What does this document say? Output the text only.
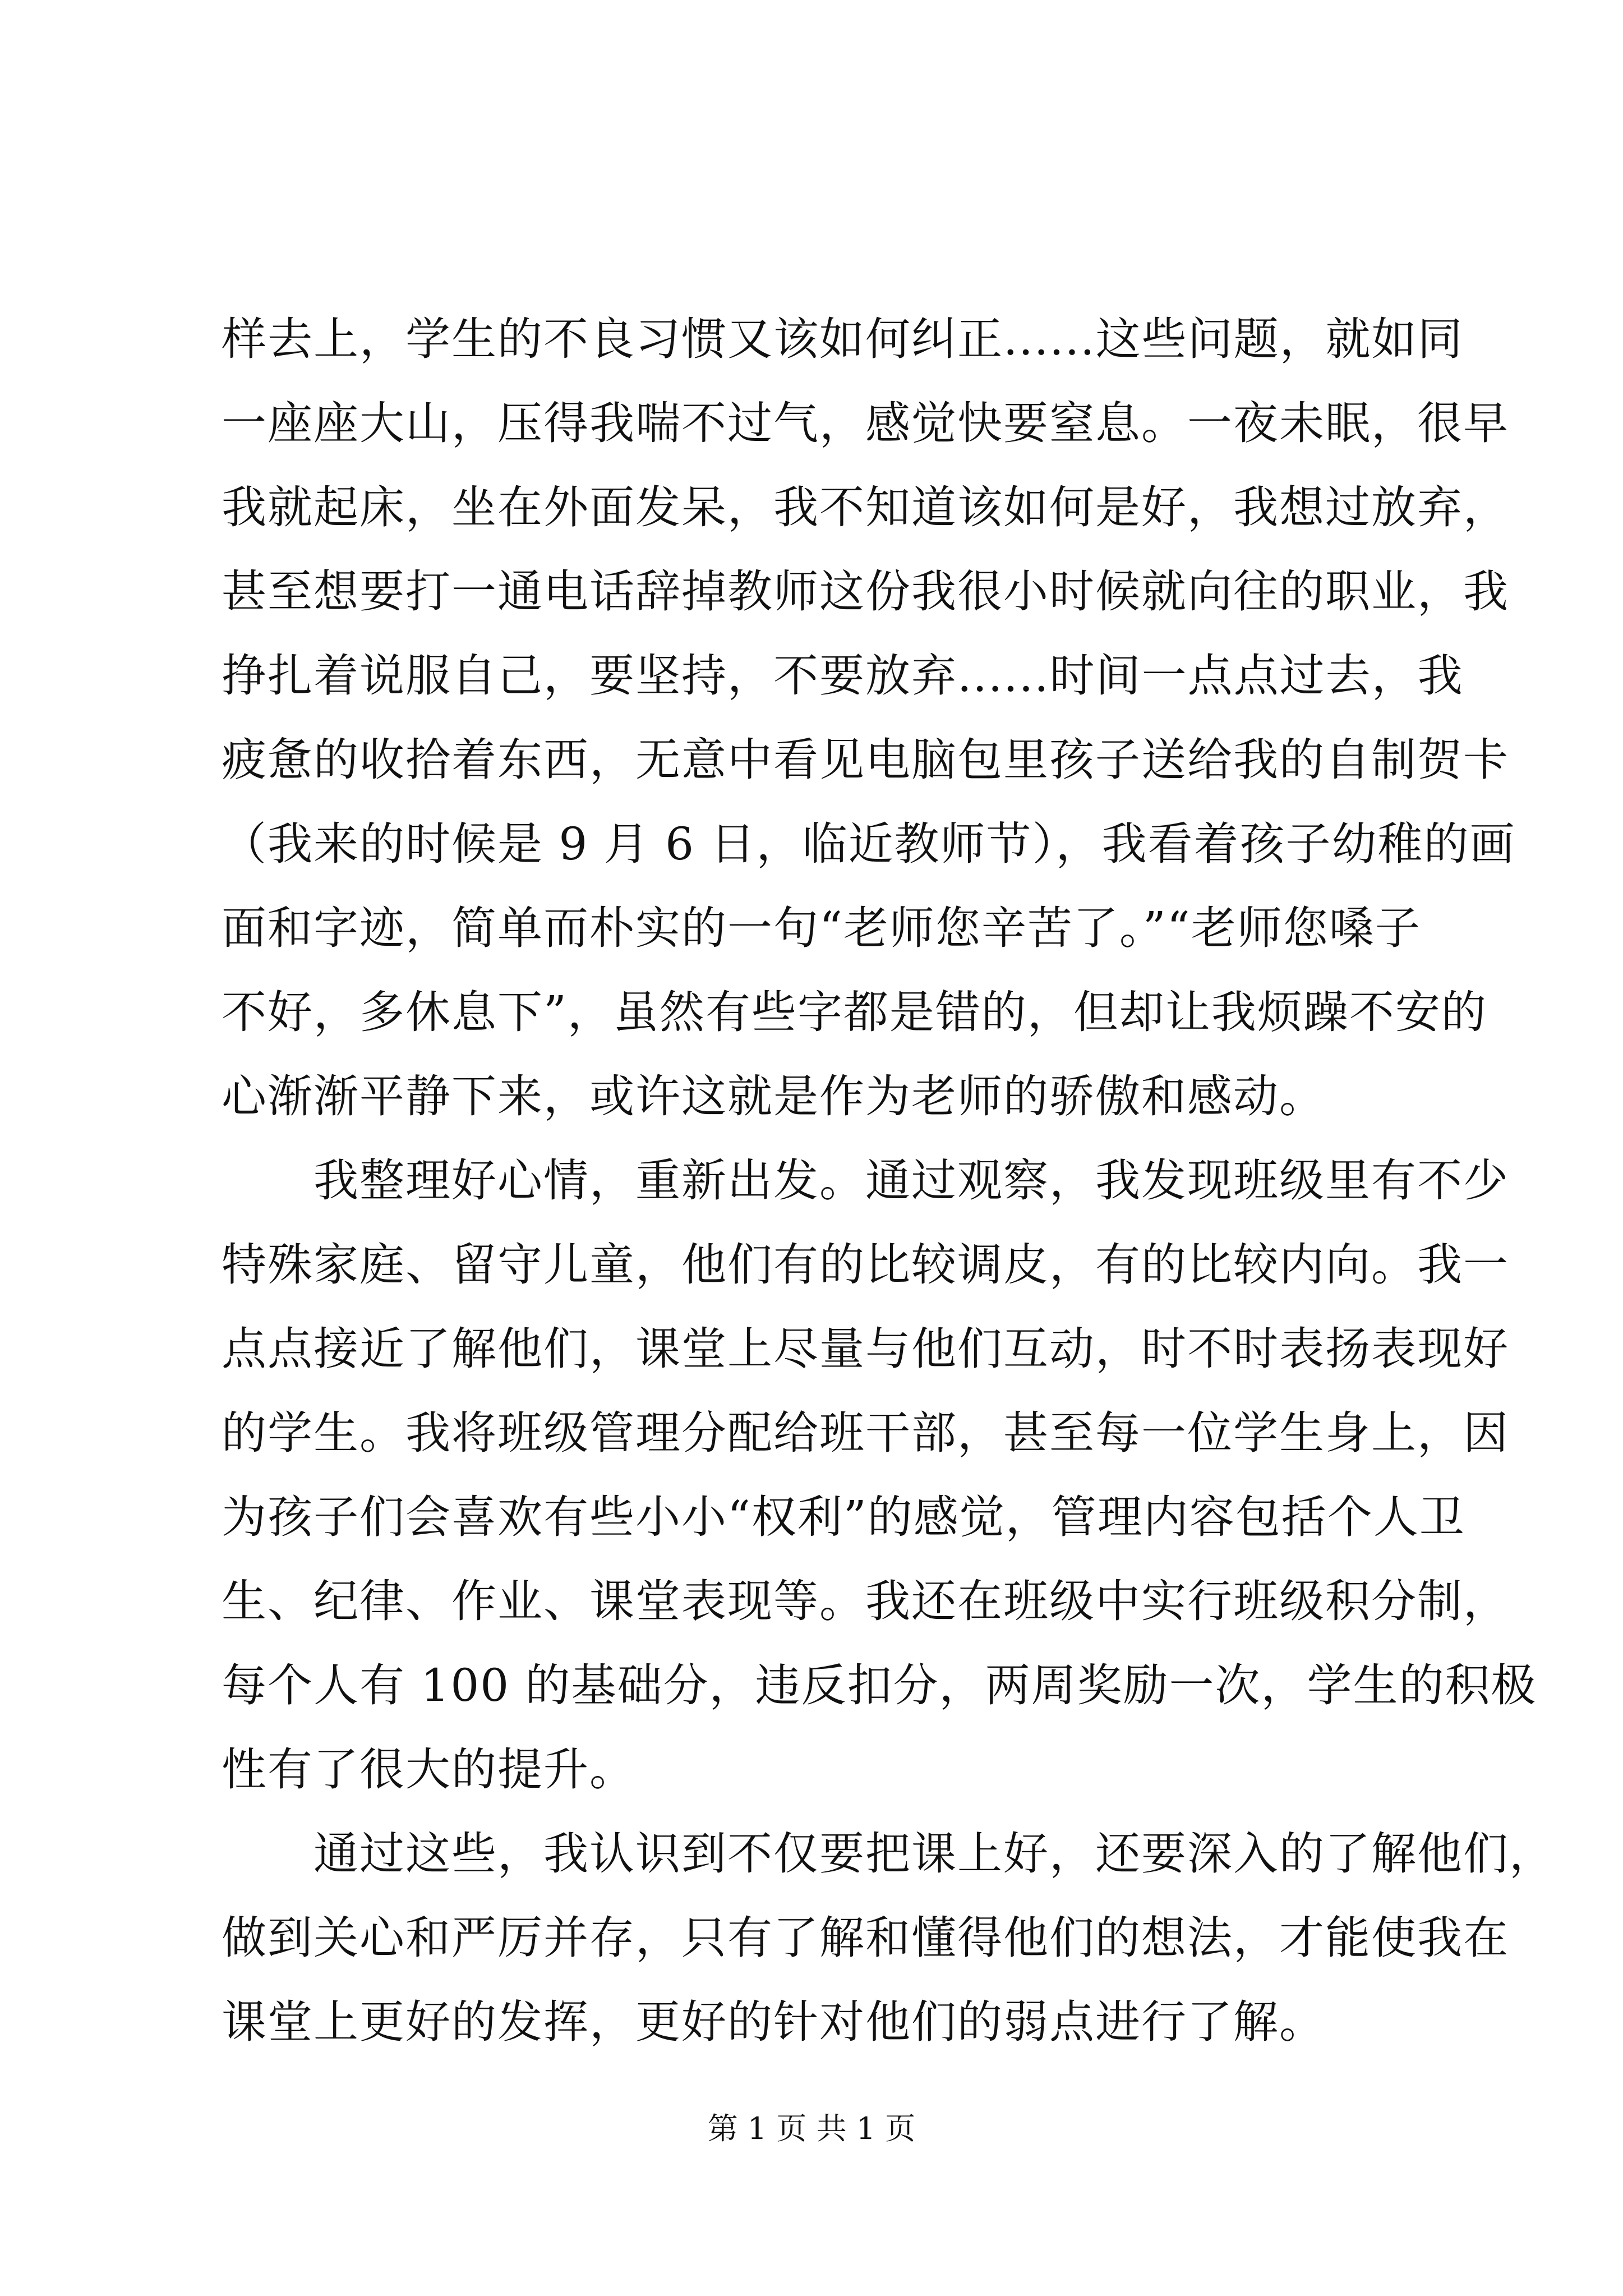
样去上，学生的不良习惯又该如何纠正......这些问题，就如同
一座座大山，压得我喘不过气，感觉快要窒息。一夜未眠，很早
我就起床，坐在外面发呆，我不知道该如何是好，我想过放弃，
甚至想要打一通电话辞掉教师这份我很小时候就向往的职业，我
挣扎着说服自己，要坚持，不要放弃......时间一点点过去，我
疲惫的收拾着东西，无意中看见电脑包里孩子送给我的自制贺卡
（我来的时候是 9 月 6 日，临近教师节），我看着孩子幼稚的画
面和字迹，简单而朴实的一句“老师您辛苦了。”“老师您嗓子
不好，多休息下”，虽然有些字都是错的，但却让我烦躁不安的
心渐渐平静下来，或许这就是作为老师的骄傲和感动。
　　我整理好心情，重新出发。通过观察，我发现班级里有不少
特殊家庭、留守儿童，他们有的比较调皮，有的比较内向。我一
点点接近了解他们，课堂上尽量与他们互动，时不时表扬表现好
的学生。我将班级管理分配给班干部，甚至每一位学生身上，因
为孩子们会喜欢有些小小“权利”的感觉，管理内容包括个人卫
生、纪律、作业、课堂表现等。我还在班级中实行班级积分制，
每个人有 100 的基础分，违反扣分，两周奖励一次，学生的积极
性有了很大的提升。
　　通过这些，我认识到不仅要把课上好，还要深入的了解他们，
做到关心和严厉并存，只有了解和懂得他们的想法，才能使我在
课堂上更好的发挥，更好的针对他们的弱点进行了解。
第 1 页 共 1 页
